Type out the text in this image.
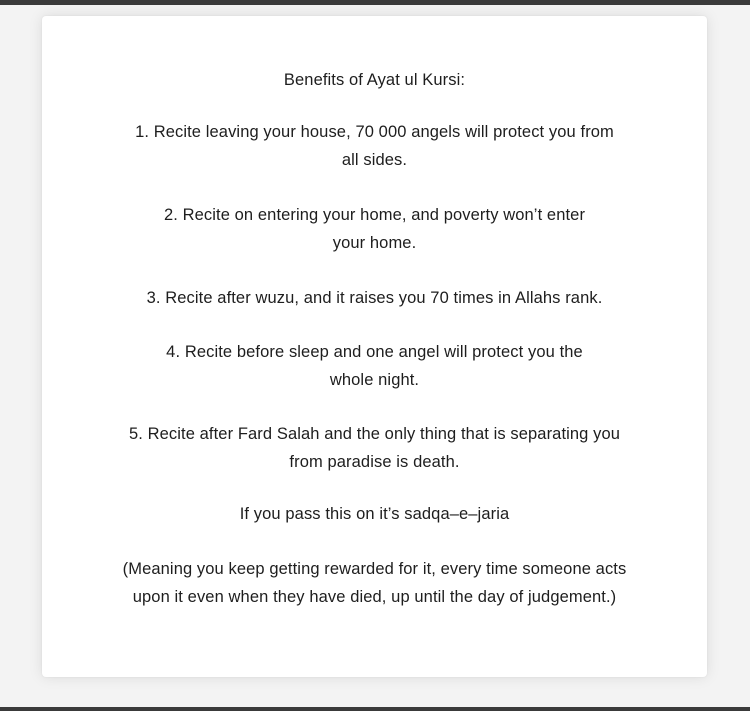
Benefits of Ayat ul Kursi:

1. Recite leaving your house, 70 000 angels will protect you from

all sides.

2. Recite on entering your home, and poverty won’t enter

your home.

3. Recite after wuzu, and it raises you 70 times in Allahs rank.

4. Recite before sleep and one angel will protect you the

whole night.

5. Recite after Fard Salah and the only thing that is separating you

from paradise is death.

If you pass this on it’s sadqa–e–jaria

(Meaning you keep getting rewarded for it, every time someone acts

upon it even when they have died, up until the day of judgement.)
